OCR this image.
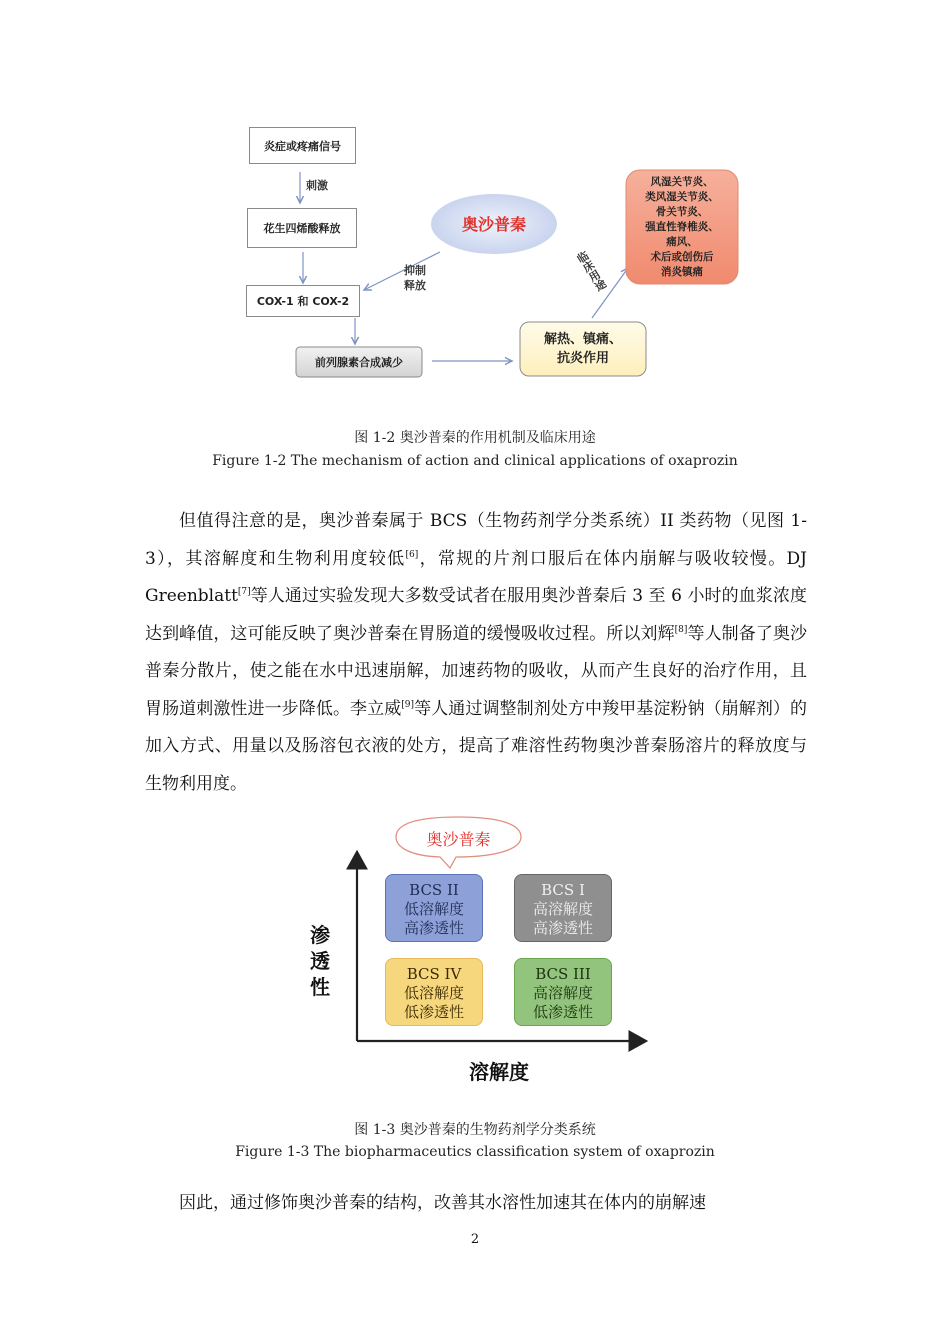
炎症或疼痛信号
刺激
花生四烯酸释放	奥沙普秦
抑制
释放
COX-1 和 COX-2
前列腺素合成减少
解热、镇痛、
抗炎作用
临床用途
风湿关节炎、
类风湿关节炎、
骨关节炎、
强直性脊椎炎、
痛风、
术后或创伤后
消炎镇痛
图 1-2 奥沙普秦的作用机制及临床用途
Figure 1-2 The mechanism of action and clinical applications of oxaprozin
但值得注意的是，奥沙普秦属于 BCS（生物药剂学分类系统）II 类药物（见图 1-3），其溶解度和生物利用度较低[6]，常规的片剂口服后在体内崩解与吸收较慢。DJ Greenblatt[7]等人通过实验发现大多数受试者在服用奥沙普秦后 3 至 6 小时的血浆浓度达到峰值，这可能反映了奥沙普秦在胃肠道的缓慢吸收过程。所以刘辉[8]等人制备了奥沙普秦分散片，使之能在水中迅速崩解，加速药物的吸收，从而产生良好的治疗作用，且胃肠道刺激性进一步降低。李立威[9]等人通过调整制剂处方中羧甲基淀粉钠（崩解剂）的加入方式、用量以及肠溶包衣液的处方，提高了难溶性药物奥沙普秦肠溶片的释放度与生物利用度。
奥沙普秦
BCS II
低溶解度
高渗透性
BCS I
高溶解度
高渗透性
BCS IV
低溶解度
低渗透性
BCS III
高溶解度
低渗透性
渗透性
溶解度
图 1-3 奥沙普秦的生物药剂学分类系统
Figure 1-3 The biopharmaceutics classification system of oxaprozin
因此，通过修饰奥沙普秦的结构，改善其水溶性加速其在体内的崩解速
2
